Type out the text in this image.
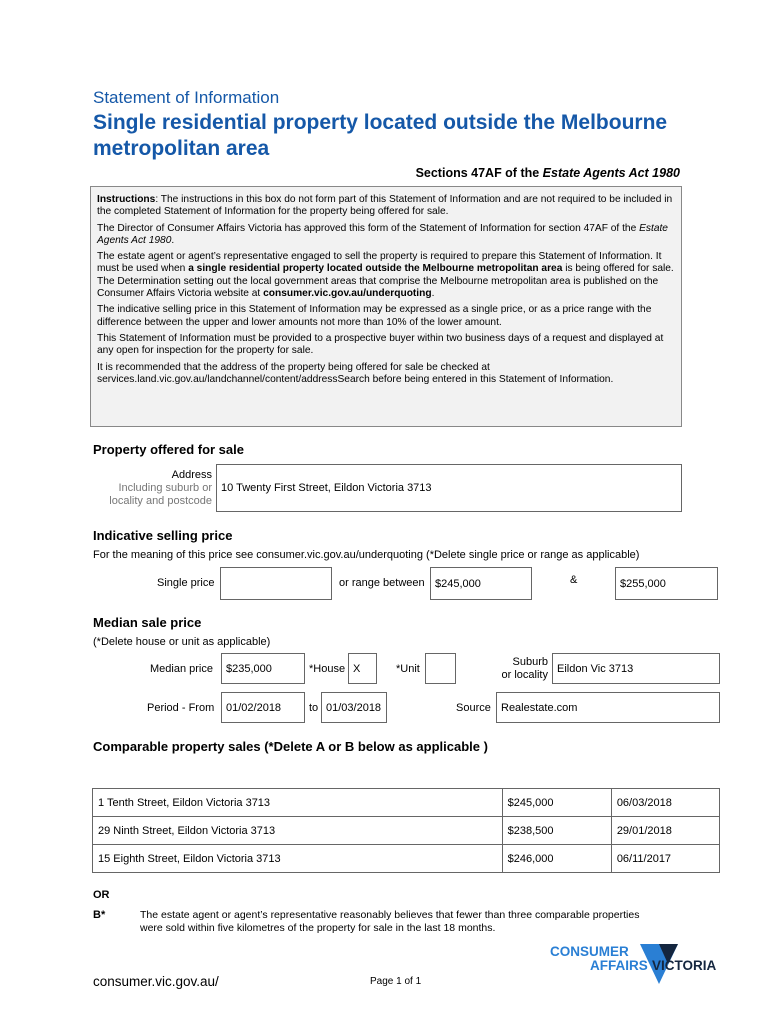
Statement of Information
Single residential property located outside the Melbourne metropolitan area
Sections 47AF of the Estate Agents Act 1980

Instructions: The instructions in this box do not form part of this Statement of Information and are not required to be included in the completed Statement of Information for the property being offered for sale.

The Director of Consumer Affairs Victoria has approved this form of the Statement of Information for section 47AF of the Estate Agents Act 1980.

The estate agent or agent’s representative engaged to sell the property is required to prepare this Statement of Information. It must be used when a single residential property located outside the Melbourne metropolitan area is being offered for sale. The Determination setting out the local government areas that comprise the Melbourne metropolitan area is published on the Consumer Affairs Victoria website at consumer.vic.gov.au/underquoting.

The indicative selling price in this Statement of Information may be expressed as a single price, or as a price range with the difference between the upper and lower amounts not more than 10% of the lower amount.

This Statement of Information must be provided to a prospective buyer within two business days of a request and displayed at any open for inspection for the property for sale.

It is recommended that the address of the property being offered for sale be checked at services.land.vic.gov.au/landchannel/content/addressSearch before being entered in this Statement of Information.

Property offered for sale
Address
Including suburb or
locality and postcode
10 Twenty First Street, Eildon Victoria 3713
Indicative selling price
For the meaning of this price see consumer.vic.gov.au/underquoting (*Delete single price or range as applicable)
Single price	or range between $245,000	&	$255,000
Median sale price
(*Delete house or unit as applicable)
Median price $235,000	*House X	*Unit
Suburb
or locality
Eildon Vic 3713
Period - From 01/02/2018	to 01/03/2018	Source Realestate.com
Comparable property sales (*Delete A or B below as applicable )
1 Tenth Street, Eildon Victoria 3713	$245,000	06/03/2018
29 Ninth Street, Eildon Victoria 3713	$238,500	29/01/2018
15 Eighth Street, Eildon Victoria 3713	$246,000	06/11/2017
OR
B*	The estate agent or agent’s representative reasonably believes that fewer than three comparable properties were sold within five kilometres of the property for sale in the last 18 months.
consumer.vic.gov.au/	Page 1 of 1
CONSUMER
AFFAIRS VICTORIA
